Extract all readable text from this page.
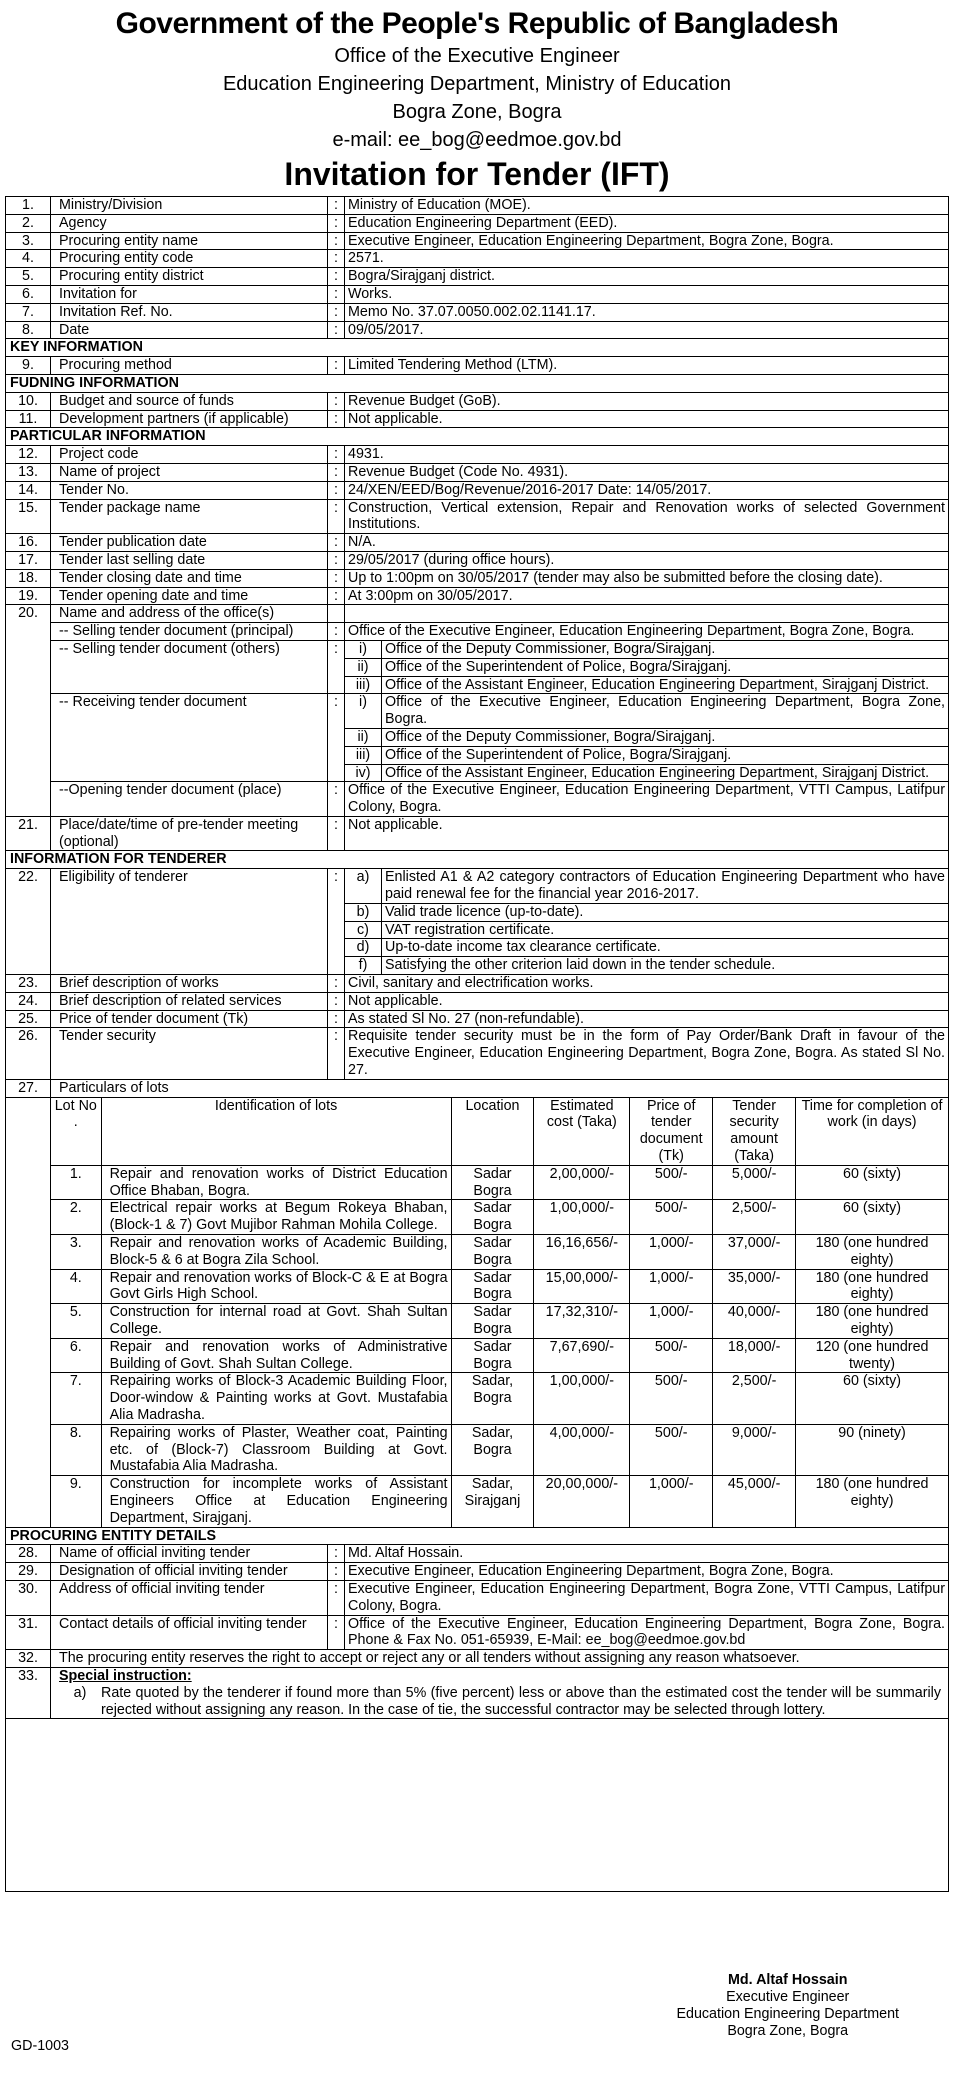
Government of the People's Republic of Bangladesh
Office of the Executive Engineer
Education Engineering Department, Ministry of Education
Bogra Zone, Bogra
e-mail: ee_bog@eedmoe.gov.bd
Invitation for Tender (IFT)
1.	Ministry/Division	:	Ministry of Education (MOE).
2.	Agency	:	Education Engineering Department (EED).
3.	Procuring entity name	:	Executive Engineer, Education Engineering Department, Bogra Zone, Bogra.
4.	Procuring entity code	:	2571.
5.	Procuring entity district	:	Bogra/Sirajganj district.
6.	Invitation for	:	Works.
7.	Invitation Ref. No.	:	Memo No. 37.07.0050.002.02.1141.17.
8.	Date	:	09/05/2017.
KEY INFORMATION
9.	Procuring method	:	Limited Tendering Method (LTM).
FUDNING INFORMATION
10.	Budget and source of funds	:	Revenue Budget (GoB).
11.	Development partners (if applicable)	:	Not applicable.
PARTICULAR INFORMATION
12.	Project code	:	4931.
13.	Name of project	:	Revenue Budget (Code No. 4931).
14.	Tender No.	:	24/XEN/EED/Bog/Revenue/2016-2017 Date: 14/05/2017.
15.	Tender package name	:	Construction, Vertical extension, Repair and Renovation works of selected Government Institutions.
16.	Tender publication date	:	N/A.
17.	Tender last selling date	:	29/05/2017 (during office hours).
18.	Tender closing date and time	:	Up to 1:00pm on 30/05/2017 (tender may also be submitted before the closing date).
19.	Tender opening date and time	:	At 3:00pm on 30/05/2017.
20.	Name and address of the office(s)		
-- Selling tender document (principal)	:	Office of the Executive Engineer, Education Engineering Department, Bogra Zone, Bogra.
-- Selling tender document (others)	:	i)	Office of the Deputy Commissioner, Bogra/Sirajganj.
ii)	Office of the Superintendent of Police, Bogra/Sirajganj.
iii)	Office of the Assistant Engineer, Education Engineering Department, Sirajganj District.

-- Receiving tender document	:	i)	Office of the Executive Engineer, Education Engineering Department, Bogra Zone, Bogra.
ii)	Office of the Deputy Commissioner, Bogra/Sirajganj.
iii)	Office of the Superintendent of Police, Bogra/Sirajganj.
iv)	Office of the Assistant Engineer, Education Engineering Department, Sirajganj District.

--Opening tender document (place)	:	Office of the Executive Engineer, Education Engineering Department, VTTI Campus, Latifpur Colony, Bogra.
21.	Place/date/time of pre-tender meeting (optional)	:	Not applicable.
INFORMATION FOR TENDERER
22.	Eligibility of tenderer	:	a)	Enlisted A1 & A2 category contractors of Education Engineering Department who have paid renewal fee for the financial year 2016-2017.
b)	Valid trade licence (up-to-date).
c)	VAT registration certificate.
d)	Up-to-date income tax clearance certificate.
f)	Satisfying the other criterion laid down in the tender schedule.

23.	Brief description of works	:	Civil, sanitary and electrification works.
24.	Brief description of related services	:	Not applicable.
25.	Price of tender document (Tk)	:	As stated Sl No. 27 (non-refundable).
26.	Tender security	:	Requisite tender security must be in the form of Pay Order/Bank Draft in favour of the Executive Engineer, Education Engineering Department, Bogra Zone, Bogra. As stated Sl No. 27.
27.	Particulars of lots

Lot No .	Identification of lots	Location	Estimated cost (Taka)	Price of tender document (Tk)	Tender security amount (Taka)	Time for completion of work (in days)
1.	Repair and renovation works of District Education Office Bhaban, Bogra.	Sadar Bogra	2,00,000/-	500/-	5,000/-	60 (sixty)
2.	Electrical repair works at Begum Rokeya Bhaban, (Block-1 & 7) Govt Mujibor Rahman Mohila College.	Sadar Bogra	1,00,000/-	500/-	2,500/-	60 (sixty)
3.	Repair and renovation works of Academic Building, Block-5 & 6 at Bogra Zila School.	Sadar Bogra	16,16,656/-	1,000/-	37,000/-	180 (one hundred eighty)
4.	Repair and renovation works of Block-C & E at Bogra Govt Girls High School.	Sadar Bogra	15,00,000/-	1,000/-	35,000/-	180 (one hundred eighty)
5.	Construction for internal road at Govt. Shah Sultan College.	Sadar Bogra	17,32,310/-	1,000/-	40,000/-	180 (one hundred eighty)
6.	Repair and renovation works of Administrative Building of Govt. Shah Sultan College.	Sadar Bogra	7,67,690/-	500/-	18,000/-	120 (one hundred twenty)
7.	Repairing works of Block-3 Academic Building Floor, Door-window & Painting works at Govt. Mustafabia Alia Madrasha.	Sadar, Bogra	1,00,000/-	500/-	2,500/-	60 (sixty)
8.	Repairing works of Plaster, Weather coat, Painting etc. of (Block-7) Classroom Building at Govt. Mustafabia Alia Madrasha.	Sadar, Bogra	4,00,000/-	500/-	9,000/-	90 (ninety)
9.	Construction for incomplete works of Assistant Engineers Office at Education Engineering Department, Sirajganj.	Sadar, Sirajganj	20,00,000/-	1,000/-	45,000/-	180 (one hundred eighty)

PROCURING ENTITY DETAILS
28.	Name of official inviting tender	:	Md. Altaf Hossain.
29.	Designation of official inviting tender	:	Executive Engineer, Education Engineering Department, Bogra Zone, Bogra.
30.	Address of official inviting tender	:	Executive Engineer, Education Engineering Department, Bogra Zone, VTTI Campus, Latifpur Colony, Bogra.
31.	Contact details of official inviting tender	:	Office of the Executive Engineer, Education Engineering Department, Bogra Zone, Bogra. Phone & Fax No. 051-65939, E-Mail: ee_bog@eedmoe.gov.bd
32.	The procuring entity reserves the right to accept or reject any or all tenders without assigning any reason whatsoever.
33.	Special instruction:
a)	Rate quoted by the tenderer if found more than 5% (five percent) less or above than the estimated cost the tender will be summarily rejected without assigning any reason. In the case of tie, the successful contractor may be selected through lottery.

Md. Altaf Hossain
Executive Engineer
Education Engineering Department
Bogra Zone, Bogra
GD-1003
